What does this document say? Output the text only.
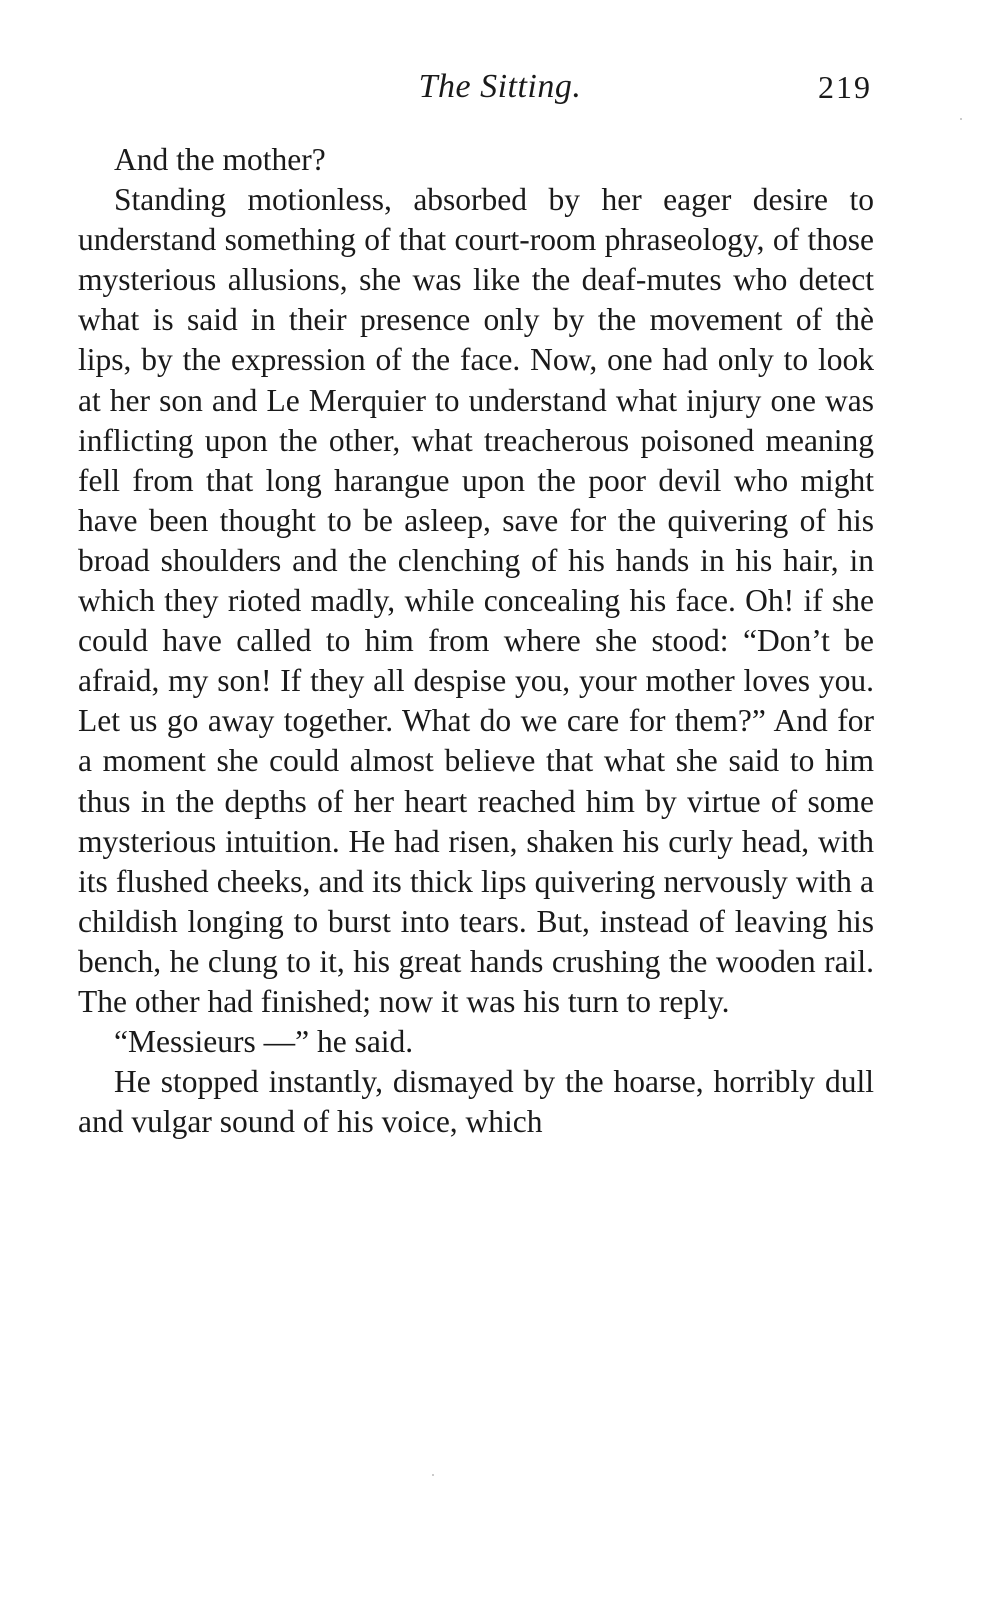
The Sitting.	219

And the mother?

Standing motionless, absorbed by her eager desire to understand something of that court-room phraseology, of those mysterious allusions, she was like the deaf-mutes who detect what is said in their presence only by the movement of thè lips, by the expression of the face. Now, one had only to look at her son and Le Merquier to understand what injury one was inflicting upon the other, what treacherous poisoned meaning fell from that long harangue upon the poor devil who might have been thought to be asleep, save for the quivering of his broad shoulders and the clenching of his hands in his hair, in which they rioted madly, while concealing his face. Oh! if she could have called to him from where she stood: “Don’t be afraid, my son! If they all despise you, your mother loves you. Let us go away together. What do we care for them?” And for a moment she could almost believe that what she said to him thus in the depths of her heart reached him by virtue of some mysterious intuition. He had risen, shaken his curly head, with its flushed cheeks, and its thick lips quivering nervously with a childish longing to burst into tears. But, instead of leaving his bench, he clung to it, his great hands crushing the wooden rail. The other had finished; now it was his turn to reply.

“Messieurs —” he said.

He stopped instantly, dismayed by the hoarse, horribly dull and vulgar sound of his voice, which
